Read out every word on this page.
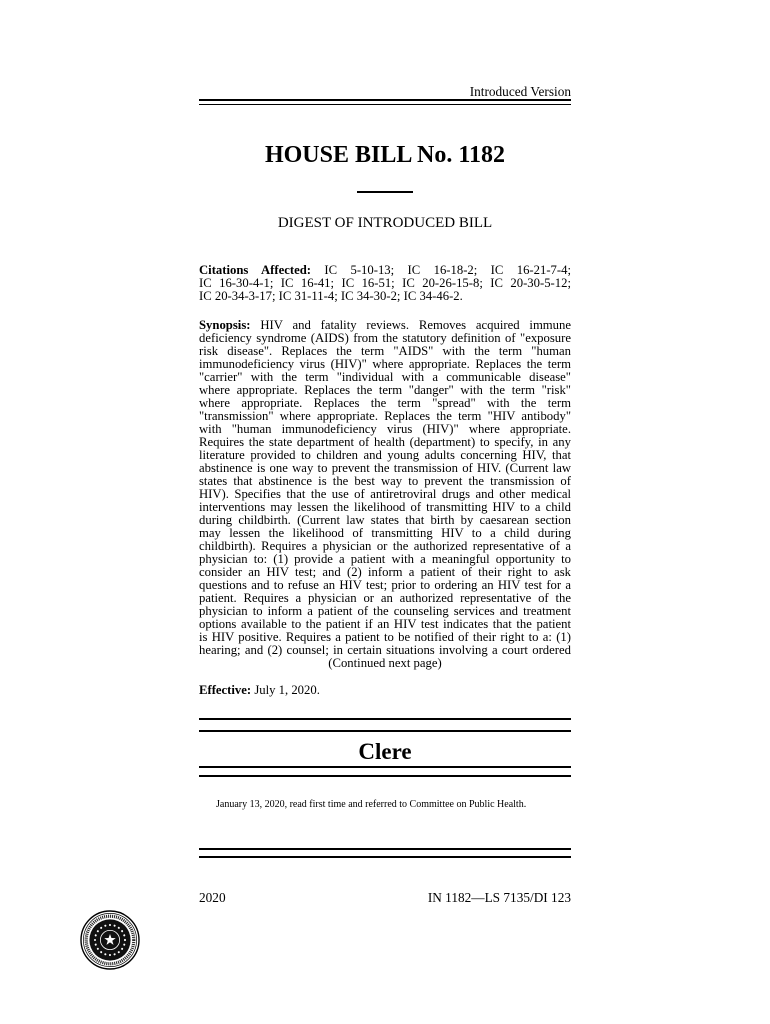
Introduced Version
HOUSE BILL No. 1182
DIGEST OF INTRODUCED BILL
Citations Affected: IC 5-10-13; IC 16-18-2; IC 16-21-7-4;
IC 16-30-4-1; IC 16-41; IC 16-51; IC 20-26-15-8; IC 20-30-5-12;
IC 20-34-3-17; IC 31-11-4; IC 34-30-2; IC 34-46-2.
Synopsis: HIV and fatality reviews. Removes acquired immune
deficiency syndrome (AIDS) from the statutory definition of "exposure
risk disease". Replaces the term "AIDS" with the term "human
immunodeficiency virus (HIV)" where appropriate. Replaces the term
"carrier" with the term "individual with a communicable disease"
where appropriate. Replaces the term "danger" with the term "risk"
where appropriate. Replaces the term "spread" with the term
"transmission" where appropriate. Replaces the term "HIV antibody"
with "human immunodeficiency virus (HIV)" where appropriate.
Requires the state department of health (department) to specify, in any
literature provided to children and young adults concerning HIV, that
abstinence is one way to prevent the transmission of HIV. (Current law
states that abstinence is the best way to prevent the transmission of
HIV). Specifies that the use of antiretroviral drugs and other medical
interventions may lessen the likelihood of transmitting HIV to a child
during childbirth. (Current law states that birth by caesarean section
may lessen the likelihood of transmitting HIV to a child during
childbirth). Requires a physician or the authorized representative of a
physician to: (1) provide a patient with a meaningful opportunity to
consider an HIV test; and (2) inform a patient of their right to ask
questions and to refuse an HIV test; prior to ordering an HIV test for a
patient. Requires a physician or an authorized representative of the
physician to inform a patient of the counseling services and treatment
options available to the patient if an HIV test indicates that the patient
is HIV positive. Requires a patient to be notified of their right to a: (1)
hearing; and (2) counsel; in certain situations involving a court ordered
(Continued next page)
Effective: July 1, 2020.
Clere
January 13, 2020, read first time and referred to Committee on Public Health.
2020	IN 1182—LS 7135/DI 123
